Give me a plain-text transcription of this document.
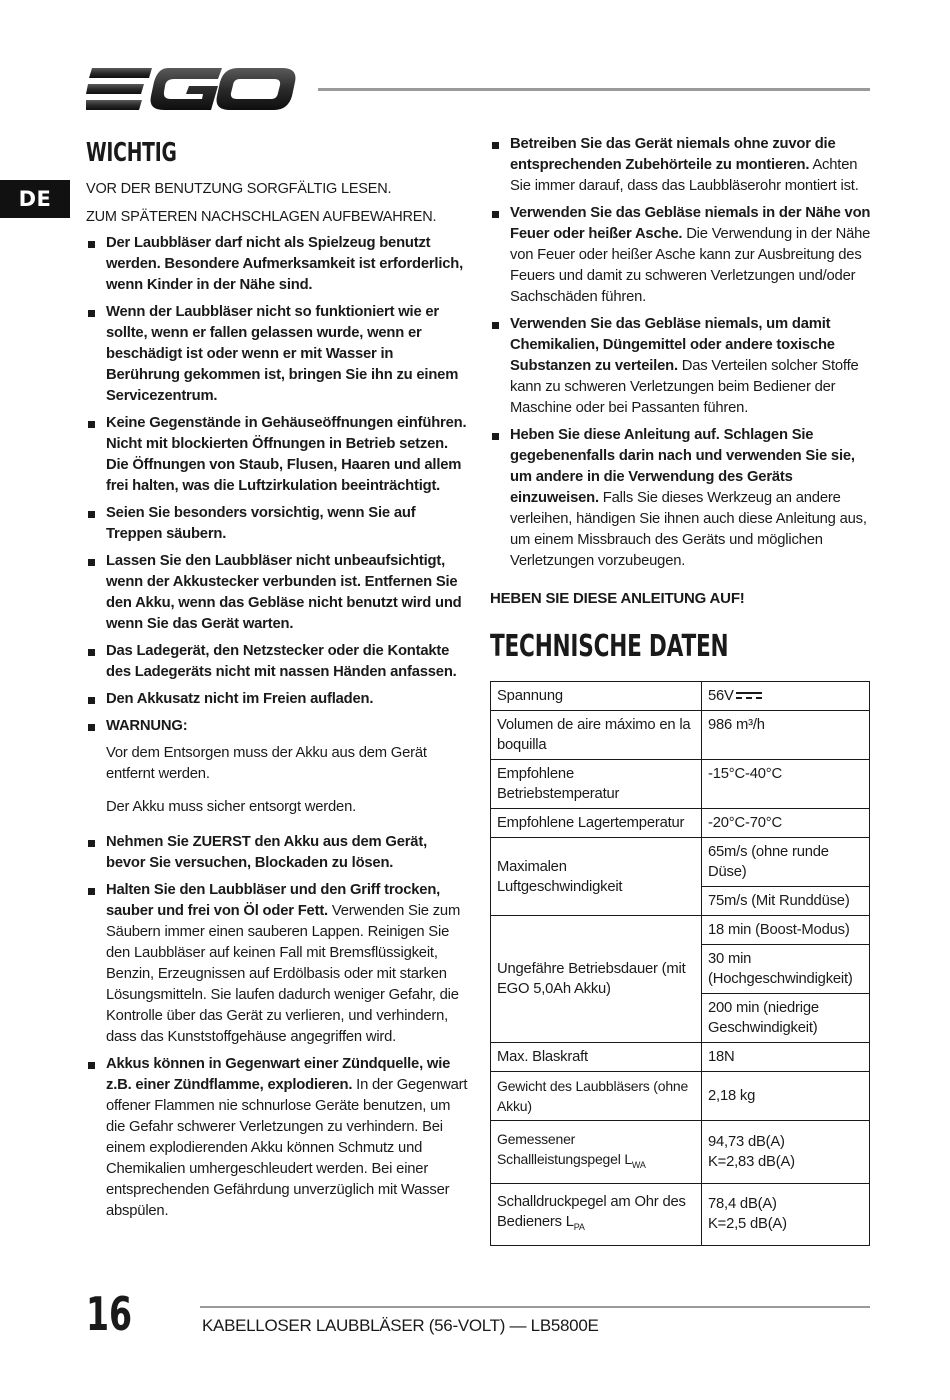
DE
WICHTIG
VOR DER BENUTZUNG SORGFÄLTIG LESEN.
ZUM SPÄTEREN NACHSCHLAGEN AUFBEWAHREN.
Der Laubbläser darf nicht als Spielzeug benutzt werden. Besondere Aufmerksamkeit ist erforderlich, wenn Kinder in der Nähe sind.
Wenn der Laubbläser nicht so funktioniert wie er sollte, wenn er fallen gelassen wurde, wenn er beschädigt ist oder wenn er mit Wasser in Berührung gekommen ist, bringen Sie ihn zu einem Servicezentrum.
Keine Gegenstände in Gehäuseöffnungen einführen. Nicht mit blockierten Öffnungen in Betrieb setzen. Die Öffnungen von Staub, Flusen, Haaren und allem frei halten, was die Luftzirkulation beeinträchtigt.
Seien Sie besonders vorsichtig, wenn Sie auf Treppen säubern.
Lassen Sie den Laubbläser nicht unbeaufsichtigt, wenn der Akkustecker verbunden ist. Entfernen Sie den Akku, wenn das Gebläse nicht benutzt wird und wenn Sie das Gerät warten.
Das Ladegerät, den Netzstecker oder die Kontakte des Ladegeräts nicht mit nassen Händen anfassen.
Den Akkusatz nicht im Freien aufladen.
WARNUNG:

Vor dem Entsorgen muss der Akku aus dem Gerät entfernt werden.

Der Akku muss sicher entsorgt werden.

Nehmen Sie ZUERST den Akku aus dem Gerät, bevor Sie versuchen, Blockaden zu lösen.
Halten Sie den Laubbläser und den Griff trocken, sauber und frei von Öl oder Fett. Verwenden Sie zum Säubern immer einen sauberen Lappen. Reinigen Sie den Laubbläser auf keinen Fall mit Bremsflüssigkeit, Benzin, Erzeugnissen auf Erdölbasis oder mit starken Lösungsmitteln. Sie laufen dadurch weniger Gefahr, die Kontrolle über das Gerät zu verlieren, und verhindern, dass das Kunststoffgehäuse angegriffen wird.
Akkus können in Gegenwart einer Zündquelle, wie z.B. einer Zündflamme, explodieren. In der Gegenwart offener Flammen nie schnurlose Geräte benutzen, um die Gefahr schwerer Verletzungen zu verhindern. Bei einem explodierenden Akku können Schmutz und Chemikalien umhergeschleudert werden. Bei einer entsprechenden Gefährdung unverzüglich mit Wasser abspülen.
Betreiben Sie das Gerät niemals ohne zuvor die entsprechenden Zubehörteile zu montieren. Achten Sie immer darauf, dass das Laubbläserohr montiert ist.
Verwenden Sie das Gebläse niemals in der Nähe von Feuer oder heißer Asche. Die Verwendung in der Nähe von Feuer oder heißer Asche kann zur Ausbreitung des Feuers und damit zu schweren Verletzungen und/oder Sachschäden führen.
Verwenden Sie das Gebläse niemals, um damit Chemikalien, Düngemittel oder andere toxische Substanzen zu verteilen. Das Verteilen solcher Stoffe kann zu schweren Verletzungen beim Bediener der Maschine oder bei Passanten führen.
Heben Sie diese Anleitung auf. Schlagen Sie gegebenenfalls darin nach und verwenden Sie sie, um andere in die Verwendung des Geräts einzuweisen. Falls Sie dieses Werkzeug an andere verleihen, händigen Sie ihnen auch diese Anleitung aus, um einem Missbrauch des Geräts und möglichen Verletzungen vorzubeugen.
HEBEN SIE DIESE ANLEITUNG AUF!
TECHNISCHE DATEN
Spannung	56V
Volumen de aire máximo en la boquilla	986 m³/h
Empfohlene Betriebstemperatur	-15°C-40°C
Empfohlene Lagertemperatur	-20°C-70°C
Maximalen Luftgeschwindigkeit	65m/s (ohne runde Düse)
	75m/s (Mit Runddüse)
Ungefähre Betriebsdauer (mit EGO 5,0Ah Akku)	18 min (Boost-Modus)
	30 min (Hochgeschwindigkeit)
	200 min (niedrige Geschwindigkeit)
Max. Blaskraft	18N
Gewicht des Laubbläsers (ohne Akku)	2,18 kg
Gemessener Schallleistungspegel $L_{WA}$	94,73 dB(A)
K=2,83 dB(A)
Schalldruckpegel am Ohr des Bedieners $L_{PA}$	78,4 dB(A)
K=2,5 dB(A)
16	KABELLOSER LAUBBLÄSER (56-VOLT) — LB5800E
